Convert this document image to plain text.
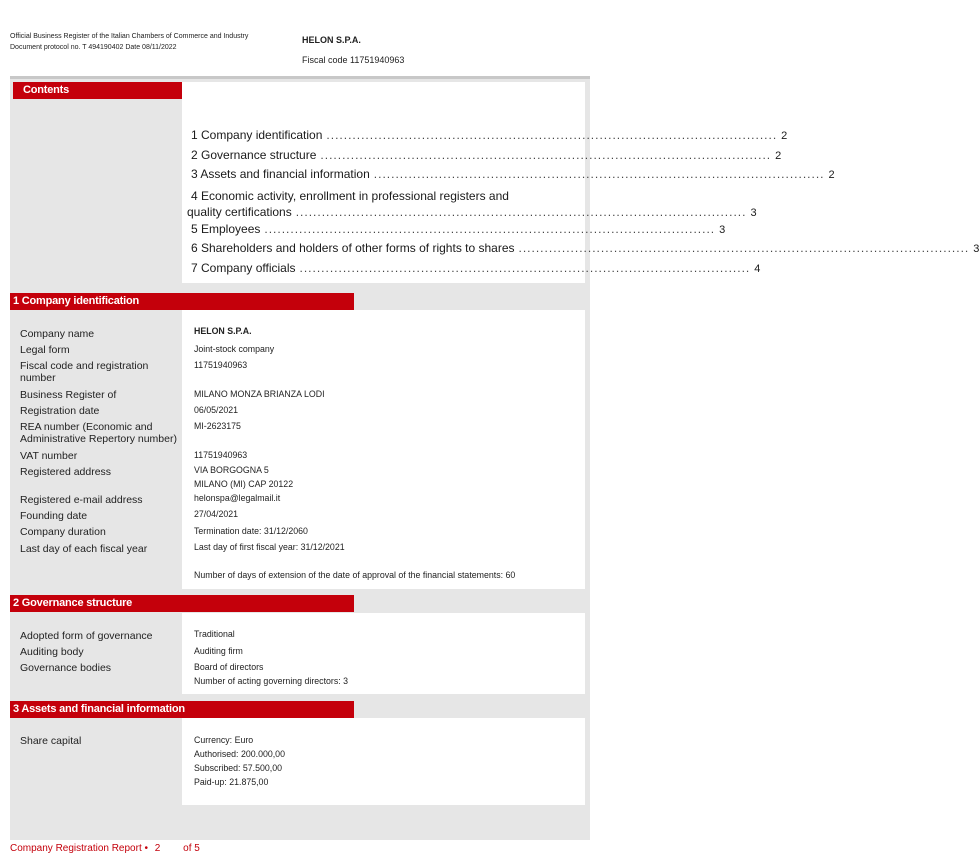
Official Business Register of the Italian Chambers of Commerce and Industry
Document protocol no. T 494190402 Date 08/11/2022
HELON S.P.A.
Fiscal code 11751940963
Contents
1 Company identification
2 Governance structure
3 Assets and financial information
1 Company identification ........................................................................................................ 2
2 Governance structure ........................................................................................................ 2
3 Assets and financial information ........................................................................................................ 2
4 Economic activity, enrollment in professional registers and
quality certifications ........................................................................................................ 3
5 Employees ........................................................................................................ 3
6 Shareholders and holders of other forms of rights to shares ........................................................................................................ 3
7 Company officials ........................................................................................................ 4
Company name
Legal form
Fiscal code and registration number
Business Register of
Registration date
REA number (Economic and Administrative Repertory number)
VAT number
Registered address
Registered e-mail address
Founding date
Company duration
Last day of each fiscal year
HELON S.P.A.
Joint-stock company
11751940963
MILANO MONZA BRIANZA LODI
06/05/2021
MI-2623175
11751940963
VIA BORGOGNA 5
MILANO (MI) CAP 20122
helonspa@legalmail.it
27/04/2021
Termination date: 31/12/2060
Last day of first fiscal year: 31/12/2021
Number of days of extension of the date of approval of the financial statements: 60
Adopted form of governance
Auditing body
Governance bodies
Traditional
Auditing firm
Board of directors
Number of acting governing directors: 3
Share capital	Currency: Euro
Authorised: 200.000,00
Subscribed: 57.500,00
Paid-up: 21.875,00
Company Registration Report • 2 of 5
